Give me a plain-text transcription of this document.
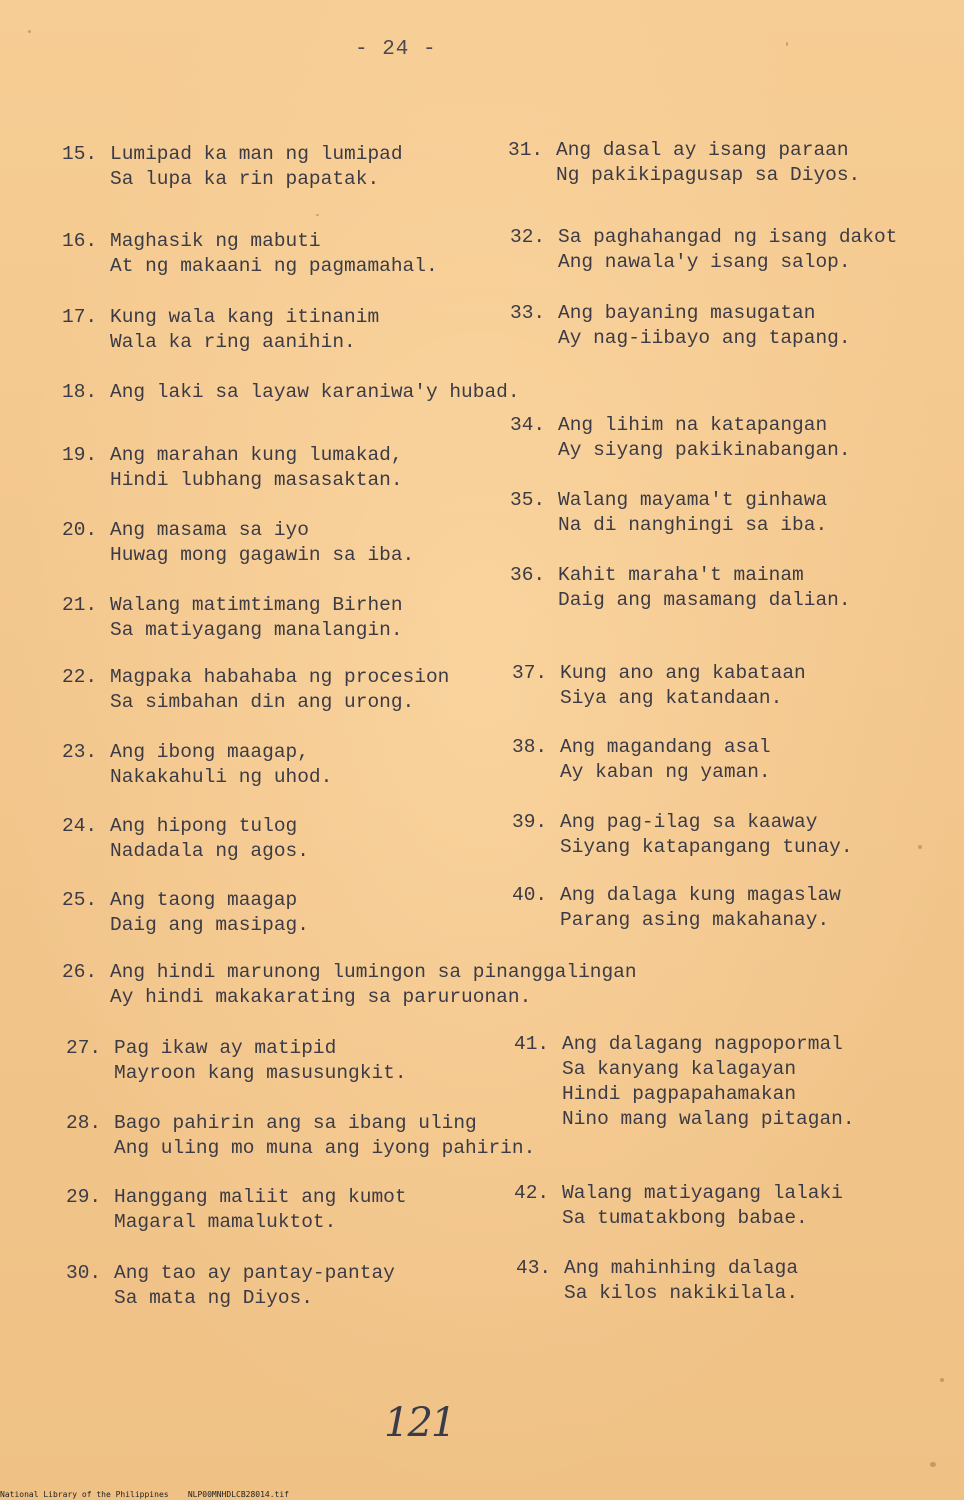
- 24 -
15. Lumipad ka man ng lumipad
Sa lupa ka rin papatak.
16. Maghasik ng mabuti
At ng makaani ng pagmamahal.
17. Kung wala kang itinanim
Wala ka ring aanihin.
18. Ang laki sa layaw karaniwa'y hubad.
19. Ang marahan kung lumakad,
Hindi lubhang masasaktan.
20. Ang masama sa iyo
Huwag mong gagawin sa iba.
21. Walang matimtimang Birhen
Sa matiyagang manalangin.
22. Magpaka habahaba ng procesion
Sa simbahan din ang urong.
23. Ang ibong maagap,
Nakakahuli ng uhod.
24. Ang hipong tulog
Nadadala ng agos.
25. Ang taong maagap
Daig ang masipag.
26. Ang hindi marunong lumingon sa pinanggalingan
Ay hindi makakarating sa paruruonan.
27. Pag ikaw ay matipid
Mayroon kang masusungkit.
28. Bago pahirin ang sa ibang uling
Ang uling mo muna ang iyong pahirin.
29. Hanggang maliit ang kumot
Magaral mamaluktot.
30. Ang tao ay pantay-pantay
Sa mata ng Diyos.
31. Ang dasal ay isang paraan
Ng pakikipagusap sa Diyos.
32. Sa paghahangad ng isang dakot
Ang nawala'y isang salop.
33. Ang bayaning masugatan
Ay nag-iibayo ang tapang.
34. Ang lihim na katapangan
Ay siyang pakikinabangan.
35. Walang mayama't ginhawa
Na di nanghingi sa iba.
36. Kahit maraha't mainam
Daig ang masamang dalian.
37. Kung ano ang kabataan
Siya ang katandaan.
38. Ang magandang asal
Ay kaban ng yaman.
39. Ang pag-ilag sa kaaway
Siyang katapangang tunay.
40. Ang dalaga kung magaslaw
Parang asing makahanay.
41. Ang dalagang nagpopormal
Sa kanyang kalagayan
Hindi pagpapahamakan
Nino mang walang pitagan.
42. Walang matiyagang lalaki
Sa tumatakbong babae.
43. Ang mahinhing dalaga
Sa kilos nakikilala.
121
National Library of the Philippines    NLP00MNHDLCB28014.tif
